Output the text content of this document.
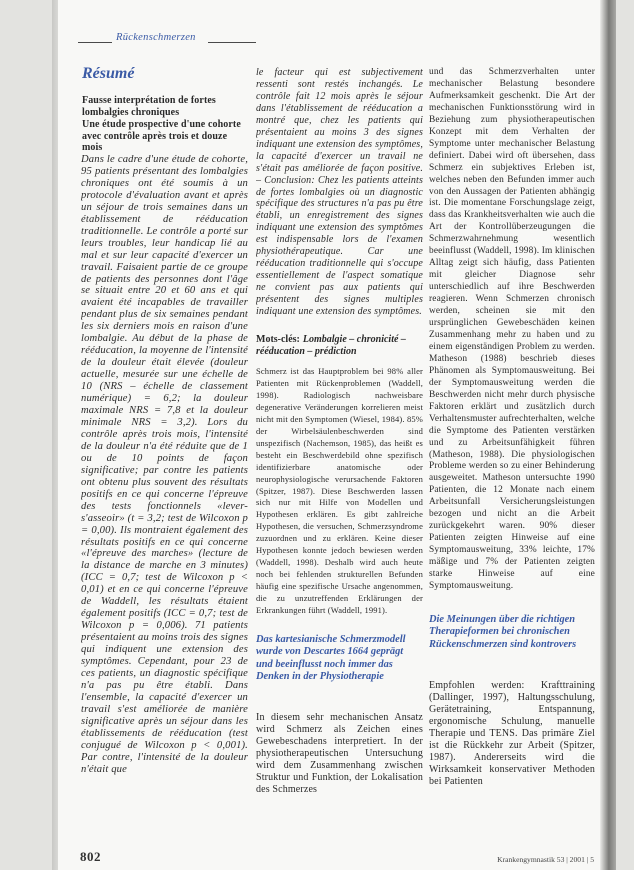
Rückenschmerzen
Résumé

Fausse interprétation de fortes lombalgies chroniques

Une étude prospective d'une cohorte avec contrôle après trois et douze mois

Dans le cadre d'une étude de cohorte, 95 patients présentant des lombalgies chroniques ont été soumis à un protocole d'évaluation avant et après un séjour de trois semaines dans un établissement de rééducation traditionnelle. Le contrôle a porté sur leurs troubles, leur handicap lié au mal et sur leur capacité d'exercer un travail. Faisaient partie de ce groupe de patients des personnes dont l'âge se situait entre 20 et 60 ans et qui avaient été incapables de travailler pendant plus de six semaines pendant les six derniers mois en raison d'une lombalgie. Au début de la phase de rééducation, la moyenne de l'intensité de la douleur était élevée (douleur actuelle, mesurée sur une échelle de 10 (NRS – échelle de classement numérique) = 6,2; la douleur maximale NRS = 7,8 et la douleur minimale NRS = 3,2). Lors du contrôle après trois mois, l'intensité de la douleur n'a été réduite que de 1 ou de 10 points de façon significative; par contre les patients ont obtenu plus souvent des résultats positifs en ce qui concerne l'épreuve des tests fonctionnels «lever-s'asseoir» (t = 3,2; test de Wilcoxon p = 0,00). Ils montraient également des résultats positifs en ce qui concerne «l'épreuve des marches» (lecture de la distance de marche en 3 minutes) (ICC = 0,7; test de Wilcoxon p < 0,01) et en ce qui concerne l'épreuve de Waddell, les résultats étaient également positifs (ICC = 0,7; test de Wilcoxon p = 0,006). 71 patients présentaient au moins trois des signes qui indiquent une extension des symptômes. Cependant, pour 23 de ces patients, un diagnostic spécifique n'a pas pu être établi. Dans l'ensemble, la capacité d'exercer un travail s'est améliorée de manière significative après un séjour dans les établissements de rééducation (test conjugué de Wilcoxon p < 0,001). Par contre, l'intensité de la douleur n'était que

le facteur qui est subjectivement ressenti sont restés inchangés. Le contrôle fait 12 mois après le séjour dans l'établissement de rééducation a montré que, chez les patients qui présentaient au moins 3 des signes indiquant une extension des symptômes, la capacité d'exercer un travail ne s'était pas améliorée de façon positive. – Conclusion: Chez les patients atteints de fortes lombalgies où un diagnostic spécifique des structures n'a pas pu être établi, un enregistrement des signes indiquant une extension des symptômes est indispensable lors de l'examen physiothérapeutique. Car une rééducation traditionnelle qui s'occupe essentiellement de l'aspect somatique ne convient pas aux patients qui présentent des signes multiples indiquant une extension des symptômes.

Mots-clés: Lombalgie – chronicité – rééducation – prédiction

Schmerz ist das Hauptproblem bei 98% aller Patienten mit Rückenproblemen (Waddell, 1998). Radiologisch nachweisbare degenerative Veränderungen korrelieren meist nicht mit den Symptomen (Wiesel, 1984). 85% der Wirbelsäulenbeschwerden sind unspezifisch (Nachemson, 1985), das heißt es besteht ein Beschwerdebild ohne spezifisch identifizierbare anatomische oder neurophysiologische verursachende Faktoren (Spitzer, 1987). Diese Beschwerden lassen sich nur mit Hilfe von Modellen und Hypothesen erklären. Es gibt zahlreiche Hypothesen, die versuchen, Schmerzsyndrome zuzuordnen und zu erklären. Keine dieser Hypothesen konnte jedoch bewiesen werden (Waddell, 1998). Deshalb wird auch heute noch bei fehlenden strukturellen Befunden häufig eine spezifische Ursache angenommen, die zu unzutreffenden Erklärungen der Erkrankungen führt (Waddell, 1991).

Das kartesianische Schmerzmodell wurde von Descartes 1664 geprägt und beeinflusst noch immer das Denken in der Physiotherapie

In diesem sehr mechanischen Ansatz wird Schmerz als Zeichen eines Gewebeschadens interpretiert. In der physiotherapeutischen Untersuchung wird dem Zusammenhang zwischen Struktur und Funktion, der Lokalisation des Schmerzes

und das Schmerzverhalten unter mechanischer Belastung besondere Aufmerksamkeit geschenkt. Die Art der mechanischen Funktionsstörung wird in Beziehung zum physiotherapeutischen Konzept mit dem Verhalten der Symptome unter mechanischer Belastung definiert. Dabei wird oft übersehen, dass Schmerz ein subjektives Erleben ist, welches neben den Befunden immer auch von den Aussagen der Patienten abhängig ist. Die momentane Forschungslage zeigt, dass das Krankheitsverhalten wie auch die Art der Kontrollüberzeugungen die Schmerzwahrnehmung wesentlich beeinflusst (Waddell, 1998). Im klinischen Alltag zeigt sich häufig, dass Patienten mit gleicher Diagnose sehr unterschiedlich auf ihre Beschwerden reagieren. Wenn Schmerzen chronisch werden, scheinen sie mit den ursprünglichen Gewebeschäden keinen Zusammenhang mehr zu haben und zu einem eigenständigen Problem zu werden. Matheson (1988) beschrieb dieses Phänomen als Symptomausweitung. Bei der Symptomausweitung werden die Beschwerden nicht mehr durch physische Faktoren erklärt und zusätzlich durch Verhaltensmuster aufrechterhalten, welche die Symptome des Patienten verstärken und zu Arbeitsunfähigkeit führen (Matheson, 1988). Die physiologischen Probleme werden so zu einer Behinderung ausgeweitet. Matheson untersuchte 1990 Patienten, die 12 Monate nach einem Arbeitsunfall Versicherungsleistungen bezogen und nicht an die Arbeit zurückgekehrt waren. 90% dieser Patienten zeigten Hinweise auf eine Symptomausweitung, 33% leichte, 17% mäßige und 7% der Patienten zeigten starke Hinweise auf eine Symptomausweitung.

Die Meinungen über die richtigen Therapieformen bei chronischen Rückenschmerzen sind kontrovers

Empfohlen werden: Krafttraining (Dallinger, 1997), Haltungsschulung, Gerätetraining, Entspannung, ergonomische Schulung, manuelle Therapie und TENS. Das primäre Ziel ist die Rückkehr zur Arbeit (Spitzer, 1987). Andererseits wird die Wirksamkeit konservativer Methoden bei Patienten

802	Krankengymnastik 53 | 2001 | 5
